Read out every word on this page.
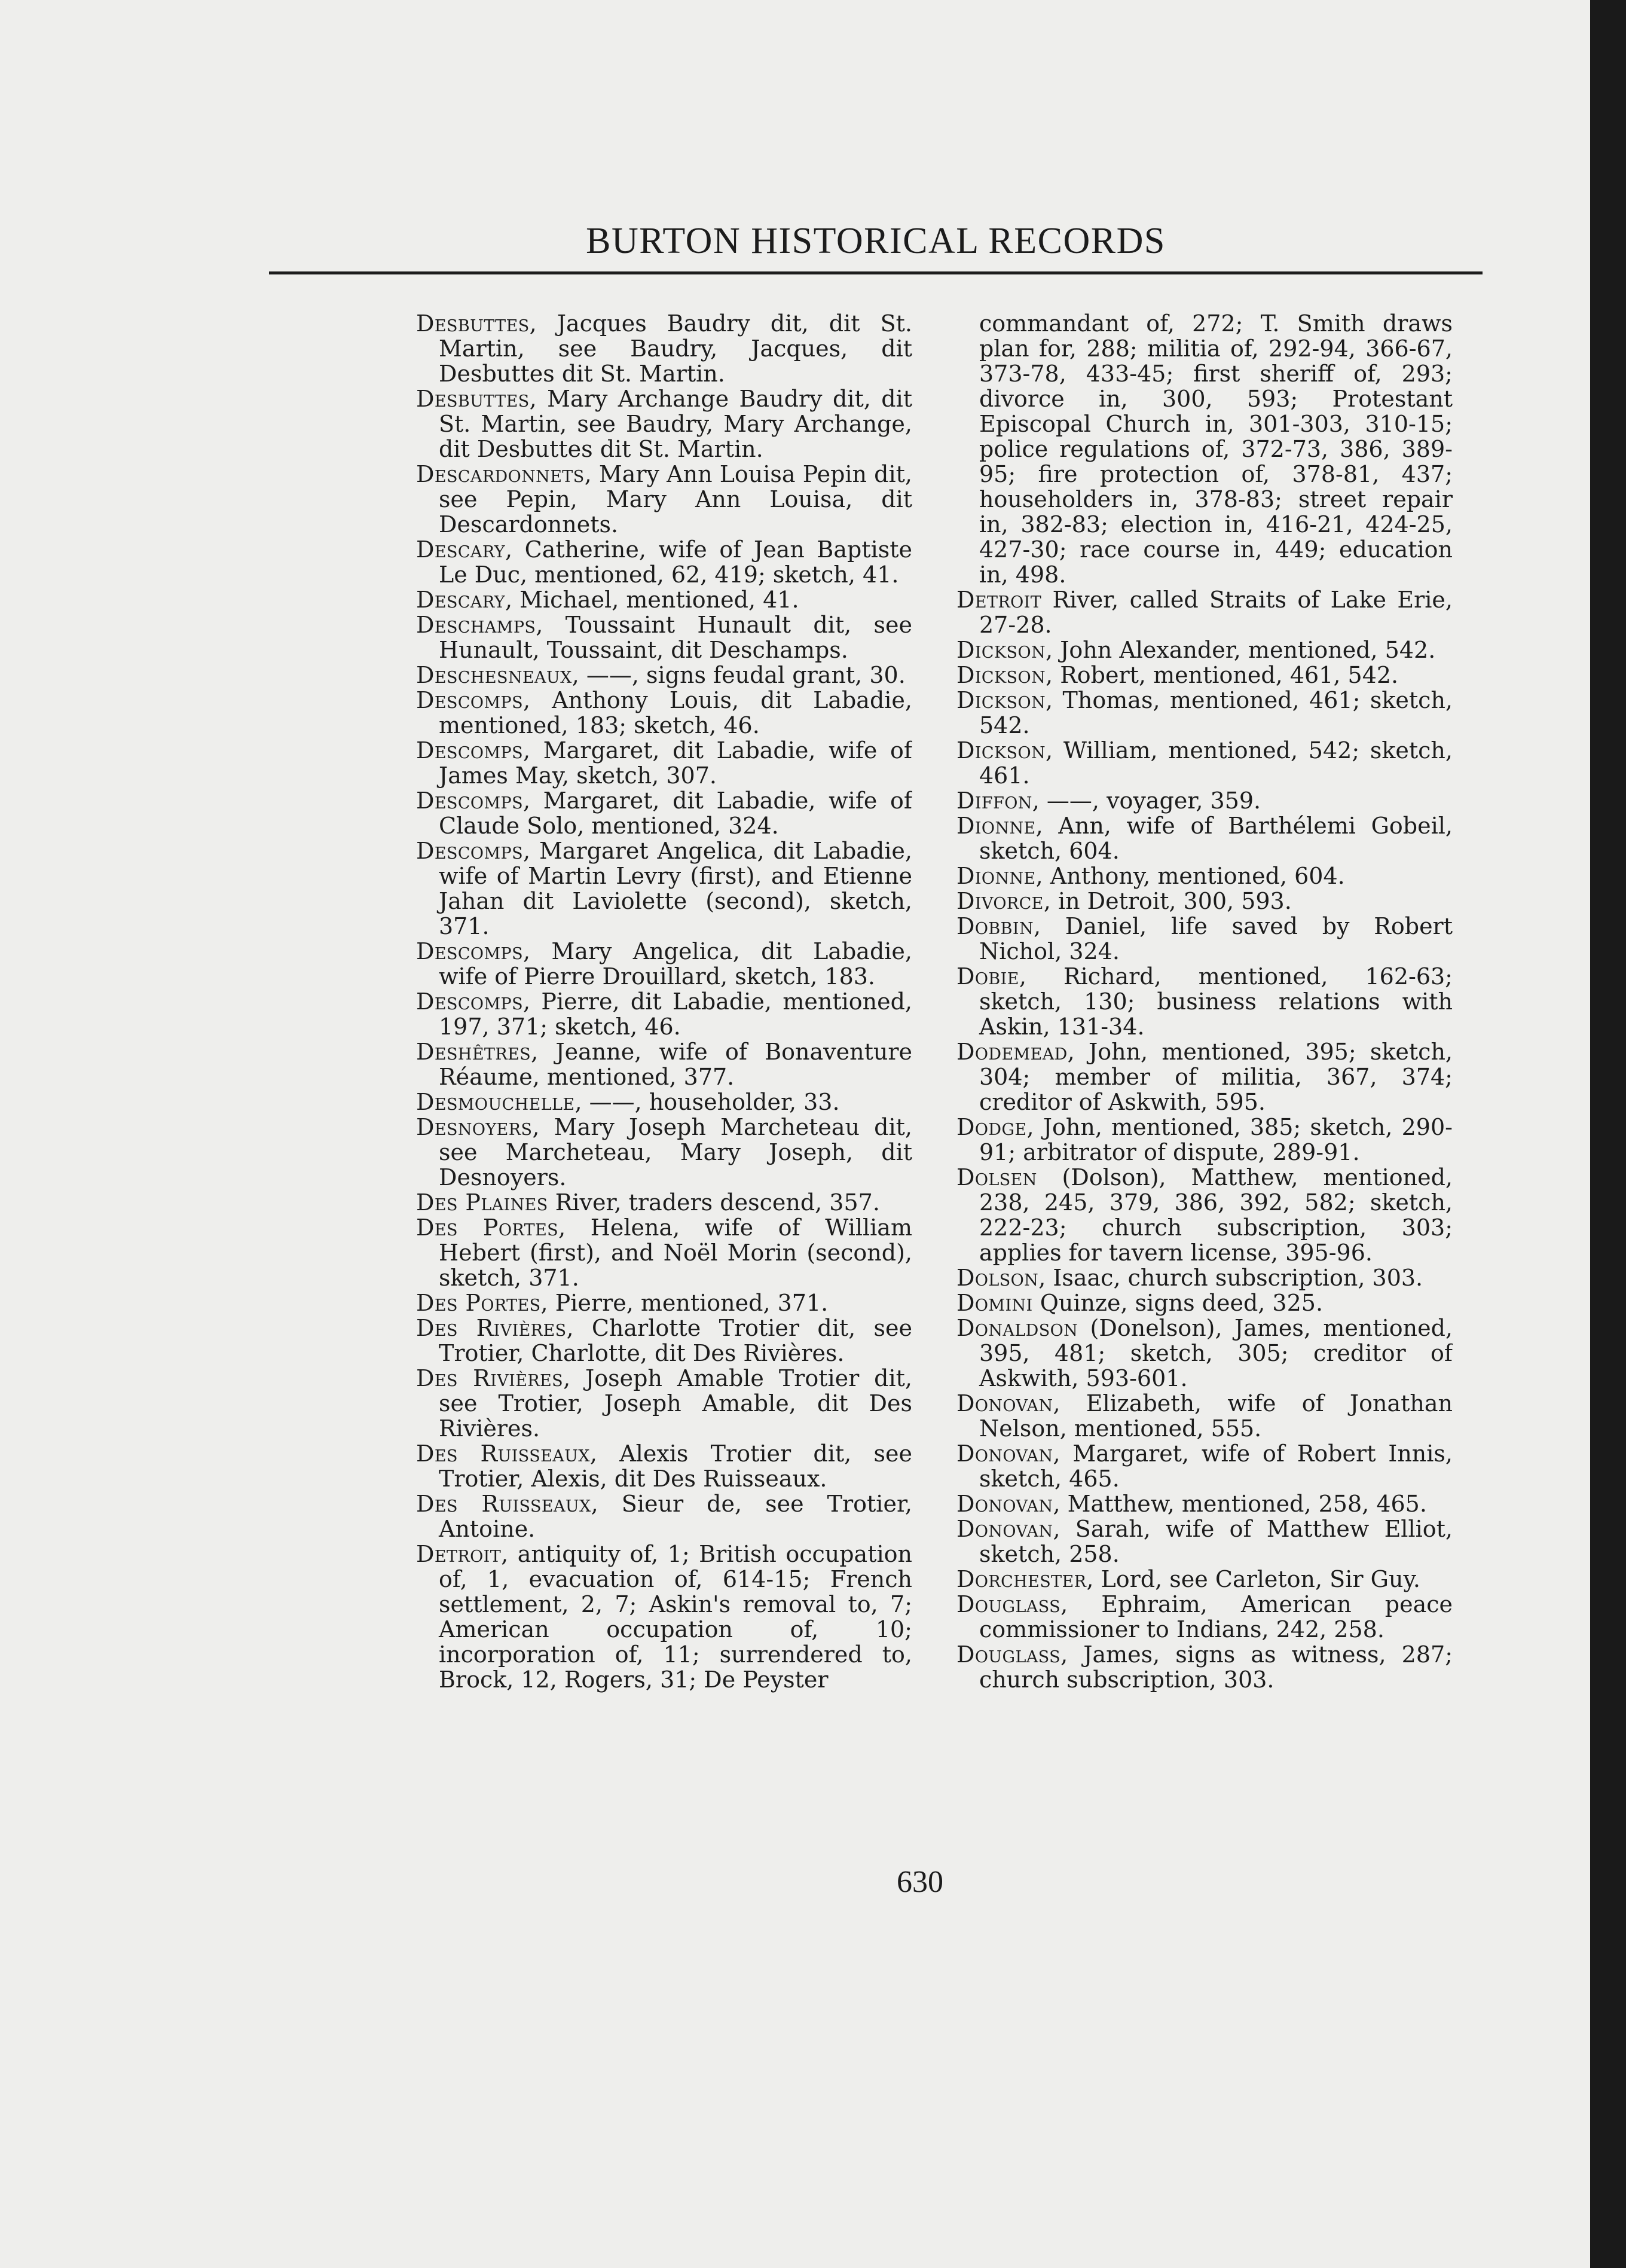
BURTON HISTORICAL RECORDS

Desbuttes, Jacques Baudry dit, dit St. Martin, see Baudry, Jacques, dit Desbuttes dit St. Martin.

Desbuttes, Mary Archange Baudry dit, dit St. Martin, see Baudry, Mary Archange, dit Desbuttes dit St. Martin.

Descardonnets, Mary Ann Louisa Pepin dit, see Pepin, Mary Ann Louisa, dit Descardonnets.

Descary, Catherine, wife of Jean Baptiste Le Duc, mentioned, 62, 419; sketch, 41.

Descary, Michael, mentioned, 41.

Deschamps, Toussaint Hunault dit, see Hunault, Toussaint, dit Deschamps.

Deschesneaux, ——, signs feudal grant, 30.

Descomps, Anthony Louis, dit Labadie, mentioned, 183; sketch, 46.

Descomps, Margaret, dit Labadie, wife of James May, sketch, 307.

Descomps, Margaret, dit Labadie, wife of Claude Solo, mentioned, 324.

Descomps, Margaret Angelica, dit Labadie, wife of Martin Levry (first), and Etienne Jahan dit Laviolette (second), sketch, 371.

Descomps, Mary Angelica, dit Labadie, wife of Pierre Drouillard, sketch, 183.

Descomps, Pierre, dit Labadie, mentioned, 197, 371; sketch, 46.

Deshêtres, Jeanne, wife of Bonaventure Réaume, mentioned, 377.

Desmouchelle, ——, householder, 33.

Desnoyers, Mary Joseph Marcheteau dit, see Marcheteau, Mary Joseph, dit Desnoyers.

Des Plaines River, traders descend, 357.

Des Portes, Helena, wife of William Hebert (first), and Noël Morin (second), sketch, 371.

Des Portes, Pierre, mentioned, 371.

Des Rivières, Charlotte Trotier dit, see Trotier, Charlotte, dit Des Rivières.

Des Rivières, Joseph Amable Trotier dit, see Trotier, Joseph Amable, dit Des Rivières.

Des Ruisseaux, Alexis Trotier dit, see Trotier, Alexis, dit Des Ruisseaux.

Des Ruisseaux, Sieur de, see Trotier, Antoine.

Detroit, antiquity of, 1; British occupation of, 1, evacuation of, 614-15; French settlement, 2, 7; Askin's removal to, 7; American occupation of, 10; incorporation of, 11; surrendered to, Brock, 12, Rogers, 31; De Peyster

commandant of, 272; T. Smith draws plan for, 288; militia of, 292-94, 366-67, 373-78, 433-45; first sheriff of, 293; divorce in, 300, 593; Protestant Episcopal Church in, 301-303, 310-15; police regulations of, 372-73, 386, 389-95; fire protection of, 378-81, 437; householders in, 378-83; street repair in, 382-83; election in, 416-21, 424-25, 427-30; race course in, 449; education in, 498.

Detroit River, called Straits of Lake Erie, 27-28.

Dickson, John Alexander, mentioned, 542.

Dickson, Robert, mentioned, 461, 542.

Dickson, Thomas, mentioned, 461; sketch, 542.

Dickson, William, mentioned, 542; sketch, 461.

Diffon, ——, voyager, 359.

Dionne, Ann, wife of Barthélemi Gobeil, sketch, 604.

Dionne, Anthony, mentioned, 604.

Divorce, in Detroit, 300, 593.

Dobbin, Daniel, life saved by Robert Nichol, 324.

Dobie, Richard, mentioned, 162-63; sketch, 130; business relations with Askin, 131-34.

Dodemead, John, mentioned, 395; sketch, 304; member of militia, 367, 374; creditor of Askwith, 595.

Dodge, John, mentioned, 385; sketch, 290-91; arbitrator of dispute, 289-91.

Dolsen (Dolson), Matthew, mentioned, 238, 245, 379, 386, 392, 582; sketch, 222-23; church subscription, 303; applies for tavern license, 395-96.

Dolson, Isaac, church subscription, 303.

Domini Quinze, signs deed, 325.

Donaldson (Donelson), James, mentioned, 395, 481; sketch, 305; creditor of Askwith, 593-601.

Donovan, Elizabeth, wife of Jonathan Nelson, mentioned, 555.

Donovan, Margaret, wife of Robert Innis, sketch, 465.

Donovan, Matthew, mentioned, 258, 465.

Donovan, Sarah, wife of Matthew Elliot, sketch, 258.

Dorchester, Lord, see Carleton, Sir Guy.

Douglass, Ephraim, American peace commissioner to Indians, 242, 258.

Douglass, James, signs as witness, 287; church subscription, 303.

630
